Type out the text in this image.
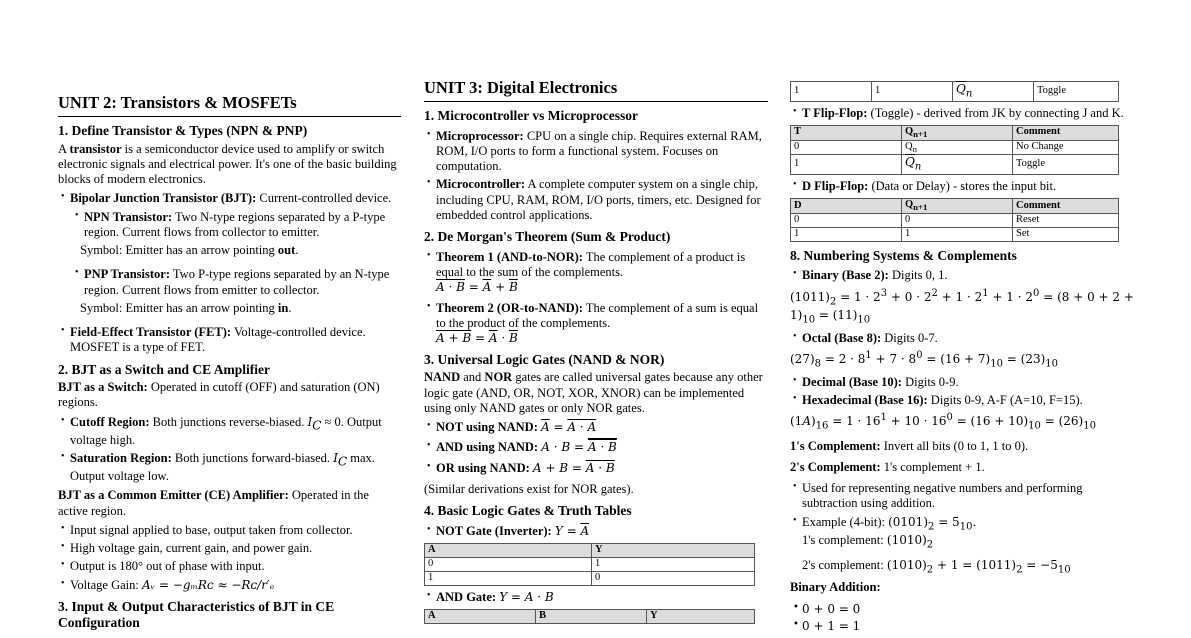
UNIT 2: Transistors & MOSFETs
1. Define Transistor & Types (NPN & PNP)

A transistor is a semiconductor device used to amplify or switch electronic signals and electrical power. It's one of the basic building blocks of modern electronics.

• Bipolar Junction Transistor (BJT): Current-controlled device.
• NPN Transistor: Two N-type regions separated by a P-type region. Current flows from collector to emitter.
Symbol: Emitter has an arrow pointing out.
• PNP Transistor: Two P-type regions separated by an N-type region. Current flows from emitter to collector.
Symbol: Emitter has an arrow pointing in.
• Field-Effect Transistor (FET): Voltage-controlled device. MOSFET is a type of FET.
2. BJT as a Switch and CE Amplifier

BJT as a Switch: Operated in cutoff (OFF) and saturation (ON) regions.

• Cutoff Region: Both junctions reverse-biased. $I_C \approx 0$. Output voltage high.
• Saturation Region: Both junctions forward-biased. $I_C$ max. Output voltage low.

BJT as a Common Emitter (CE) Amplifier: Operated in the active region.

• Input signal applied to base, output taken from collector.
• High voltage gain, current gain, and power gain.
• Output is 180° out of phase with input.
• Voltage Gain: Aᵥ = −gₘRᴄ ≈ −Rᴄ/r′ₑ
3. Input & Output Characteristics of BJT in CE Configuration
UNIT 3: Digital Electronics
1. Microcontroller vs Microprocessor
• Microprocessor: CPU on a single chip. Requires external RAM, ROM, I/O ports to form a functional system. Focuses on computation.
• Microcontroller: A complete computer system on a single chip, including CPU, RAM, ROM, I/O ports, timers, etc. Designed for embedded control applications.
2. De Morgan's Theorem (Sum & Product)
• Theorem 1 (AND-to-NOR): The complement of a product is equal to the sum of the complements.
$A \cdot B = \overline{A} + \overline{B}$
• Theorem 2 (OR-to-NAND): The complement of a sum is equal to the product of the complements.
$A + B = \overline{A} \cdot \overline{B}$
3. Universal Logic Gates (NAND & NOR)

NAND and NOR gates are called universal gates because any other logic gate (AND, OR, NOT, XOR, XNOR) can be implemented using only NAND gates or only NOR gates.

• NOT using NAND: $\overline{A} = A \cdot A$
• AND using NAND: A · B = A · B
• OR using NAND: A + B = A · B

(Similar derivations exist for NOR gates).

4. Basic Logic Gates & Truth Tables
• NOT Gate (Inverter): $Y = \overline{A}$
A	Y
0	1
1	0
• AND Gate: Y = A · B
A	B	Y
1	1	$\overline{Q}_n$	Toggle
• T Flip-Flop: (Toggle) - derived from JK by connecting J and K.
T	$Q_{n+1}$	Comment
0	$Q_n$	No Change
1	$\overline{Q}_n$	Toggle
• D Flip-Flop: (Data or Delay) - stores the input bit.
D	$Q_{n+1}$	Comment
0	0	Reset
1	1	Set
8. Numbering Systems & Complements
• Binary (Base 2): Digits 0, 1.
$(1011)_2 = 1 \cdot 2^3 + 0 \cdot 2^2 + 1 \cdot 2^1 + 1 \cdot 2^0 = (8 + 0 + 2 + 1)_{10} = (11)_{10}$
• Octal (Base 8): Digits 0-7.
$(27)_8 = 2 \cdot 8^1 + 7 \cdot 8^0 = (16 + 7)_{10} = (23)_{10}$
• Decimal (Base 10): Digits 0-9.
• Hexadecimal (Base 16): Digits 0-9, A-F (A=10, F=15).
$(1A)_{16} = 1 \cdot 16^1 + 10 \cdot 16^0 = (16 + 10)_{10} = (26)_{10}$

1's Complement: Invert all bits (0 to 1, 1 to 0).

2's Complement: 1's complement + 1.

• Used for representing negative numbers and performing subtraction using addition.
• Example (4-bit): $(0101)_2 = 5_{10}$.
1's complement: $(1010)_2$
2's complement: $(1010)_2 + 1 = (1011)_2 = -5_{10}$

Binary Addition:

• 0 + 0 = 0
• 0 + 1 = 1
